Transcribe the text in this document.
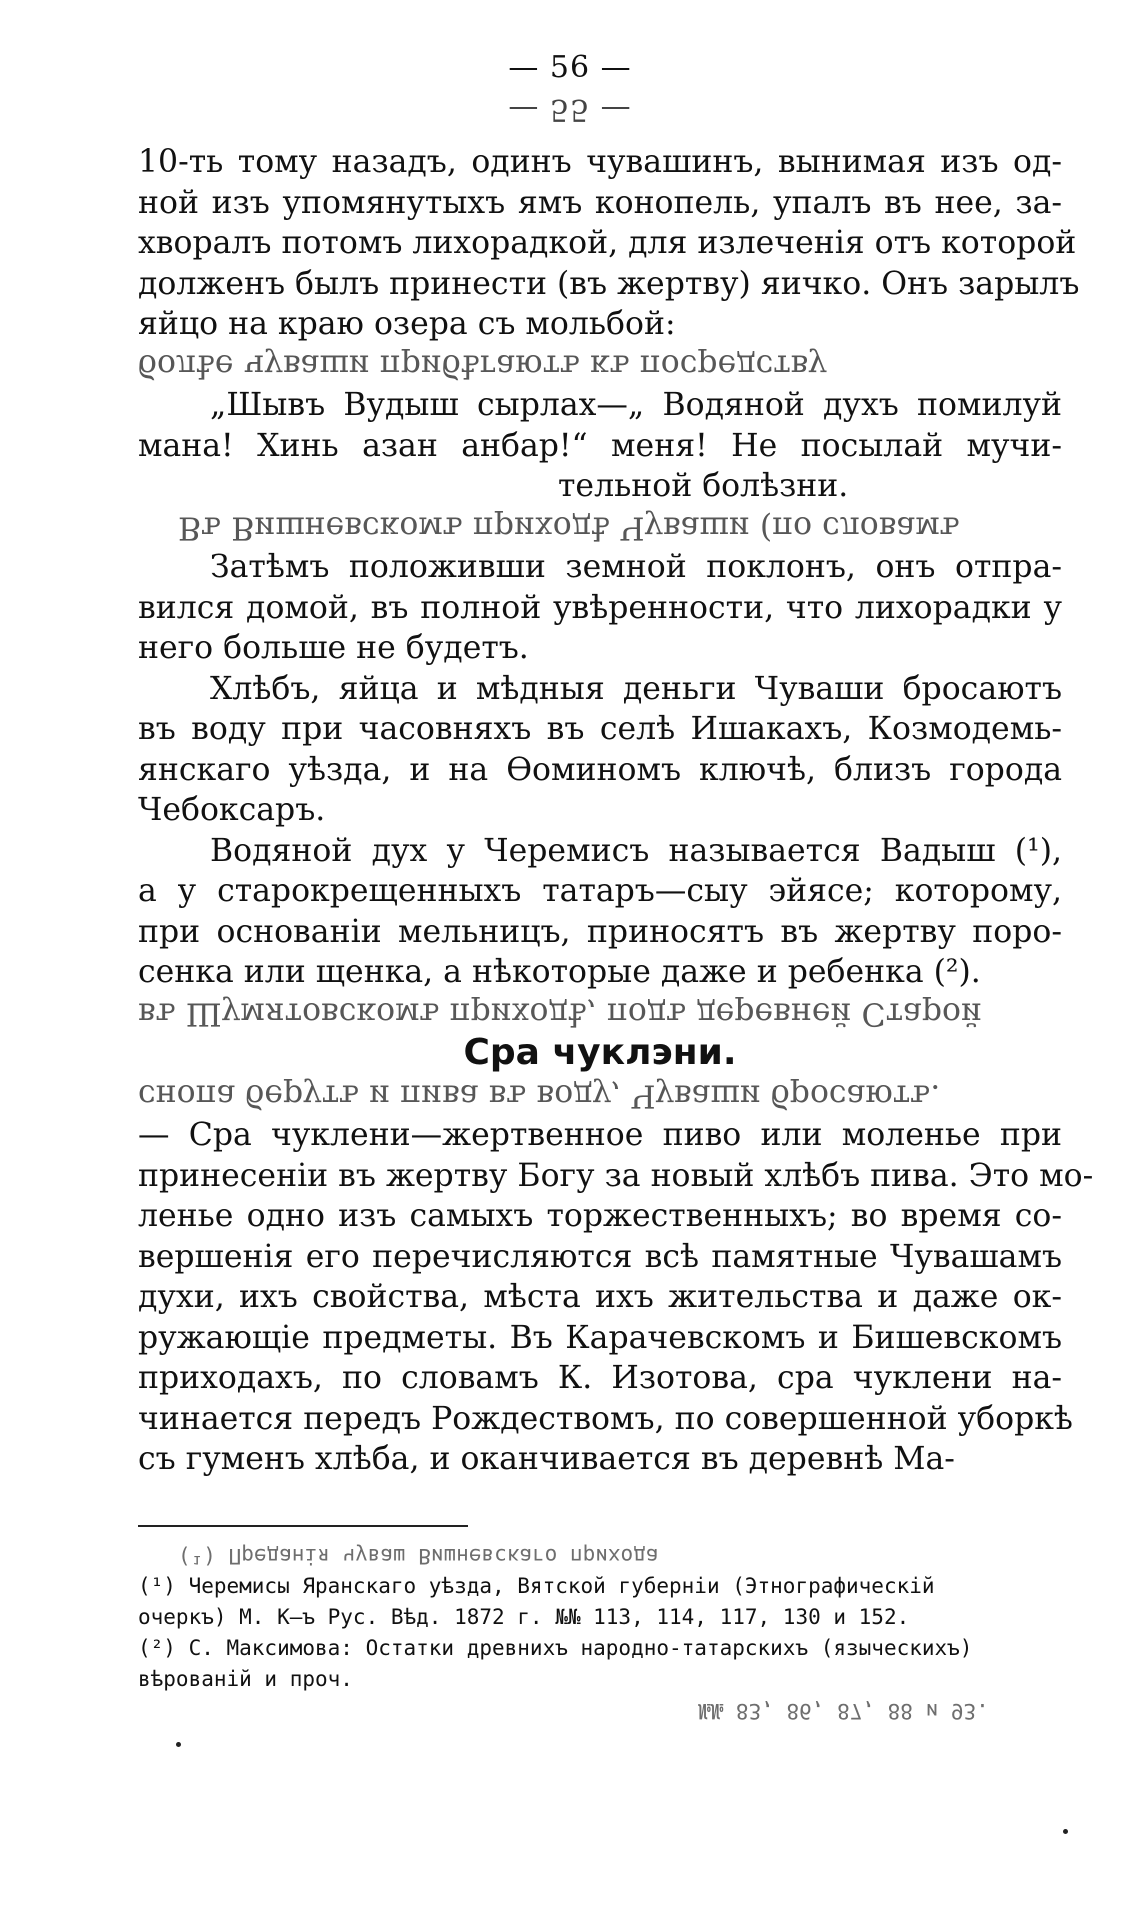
— 56 —
— 55 —
10-ть тому назадъ, одинъ чувашинъ, вынимая изъ од-
ной изъ упомянутыхъ ямъ конопель, упалъ въ нее, за-
хворалъ потомъ лихорадкой, для излеченія отъ которой
долженъ былъ принести (въ жертву) яичко. Онъ зарылъ
яйцо на краю озера съ мольбой:
болѣе чуваши прибѣгаютъ къ посредству
„Шывъ Вудыш сырлах—„ Водяной духъ помилуй
мана! Хинь азан анбар!“ меня! Не посылай мучи-
тельной болѣзни.
Въ Вишневскомъ приходѣ Чуваши (по словамъ
Затѣмъ положивши земной поклонъ, онъ отпра-
вился домой, въ полной увѣренности, что лихорадки у
него больше не будетъ.
Хлѣбъ, яйца и мѣдныя деньги Чуваши бросаютъ
въ воду при часовняхъ въ селѣ Ишакахъ, Козмодемь-
янскаго уѣзда, и на Ѳоминомъ ключѣ, близъ города
Чебоксаръ.
Водяной дух у Черемисъ называется Вадыш (¹),
а у старокрещенныхъ татаръ—сыу эйясе; которому,
при основаніи мельницъ, приносятъ въ жертву поро-
сенка или щенка, а нѣкоторые даже и ребенка (²).
въ Шумятовскомъ приходѣ, подъ деревней Старой
Сра чуклэни.
снопа берутъ и пива въ воду, Чуваши бросаютъ.
— Сра чуклени—жертвенное пиво или моленье при
принесеніи въ жертву Богу за новый хлѣбъ пива. Это мо-
ленье одно изъ самыхъ торжественныхъ; во время со-
вершенія его перечисляются всѣ памятные Чувашамъ
духи, ихъ свойства, мѣста ихъ жительства и даже ок-
ружающіе предметы. Въ Карачевскомъ и Бишевскомъ
приходахъ, по словамъ К. Изотова, сра чуклени на-
чинается передъ Рождествомъ, по совершенной уборкѣ
съ гуменъ хлѣба, и оканчивается въ деревнѣ Ма-
(¹) Преданія чуваш Вишневскаго прихода
(¹) Черемисы Яранскаго уѣзда, Вятской губерніи (Этнографическій
очеркъ) М. К—ъ Рус. Вѣд. 1872 г. №№ 113, 114, 117, 130 и 152.
(²) С. Максимова: Остатки древнихъ народно-татарскихъ (языческихъ)
вѣрованій и проч.
№№ 83, 86, 87, 88 и 93.
